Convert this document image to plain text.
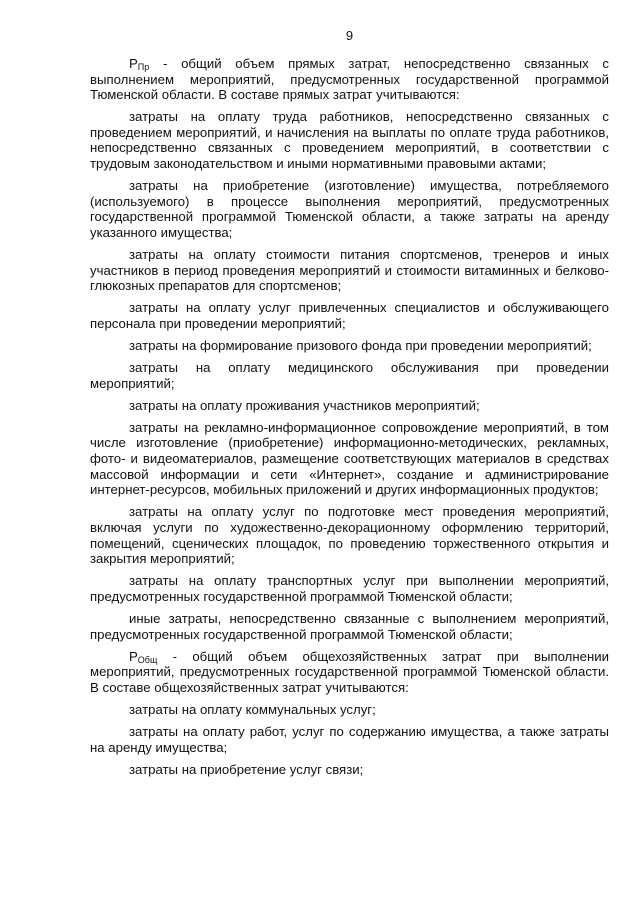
9

$P_{Пр}$ - общий объем прямых затрат, непосредственно связанных с выполнением мероприятий, предусмотренных государственной программой Тюменской области. В составе прямых затрат учитываются:

затраты на оплату труда работников, непосредственно связанных с проведением мероприятий, и начисления на выплаты по оплате труда работников, непосредственно связанных с проведением мероприятий, в соответствии с трудовым законодательством и иными нормативными правовыми актами;

затраты на приобретение (изготовление) имущества, потребляемого (используемого) в процессе выполнения мероприятий, предусмотренных государственной программой Тюменской области, а также затраты на аренду указанного имущества;

затраты на оплату стоимости питания спортсменов, тренеров и иных участников в период проведения мероприятий и стоимости витаминных и белково-глюкозных препаратов для спортсменов;

затраты на оплату услуг привлеченных специалистов и обслуживающего персонала при проведении мероприятий;

затраты на формирование призового фонда при проведении мероприятий;

затраты на оплату медицинского обслуживания при проведении мероприятий;

затраты на оплату проживания участников мероприятий;

затраты на рекламно-информационное сопровождение мероприятий, в том числе изготовление (приобретение) информационно-методических, рекламных, фото- и видеоматериалов, размещение соответствующих материалов в средствах массовой информации и сети «Интернет», создание и администрирование интернет-ресурсов, мобильных приложений и других информационных продуктов;

затраты на оплату услуг по подготовке мест проведения мероприятий, включая услуги по художественно-декорационному оформлению территорий, помещений, сценических площадок, по проведению торжественного открытия и закрытия мероприятий;

затраты на оплату транспортных услуг при выполнении мероприятий, предусмотренных государственной программой Тюменской области;

иные затраты, непосредственно связанные с выполнением мероприятий, предусмотренных государственной программой Тюменской области;

$P_{Общ}$ - общий объем общехозяйственных затрат при выполнении мероприятий, предусмотренных государственной программой Тюменской области. В составе общехозяйственных затрат учитываются:

затраты на оплату коммунальных услуг;

затраты на оплату работ, услуг по содержанию имущества, а также затраты на аренду имущества;

затраты на приобретение услуг связи;
